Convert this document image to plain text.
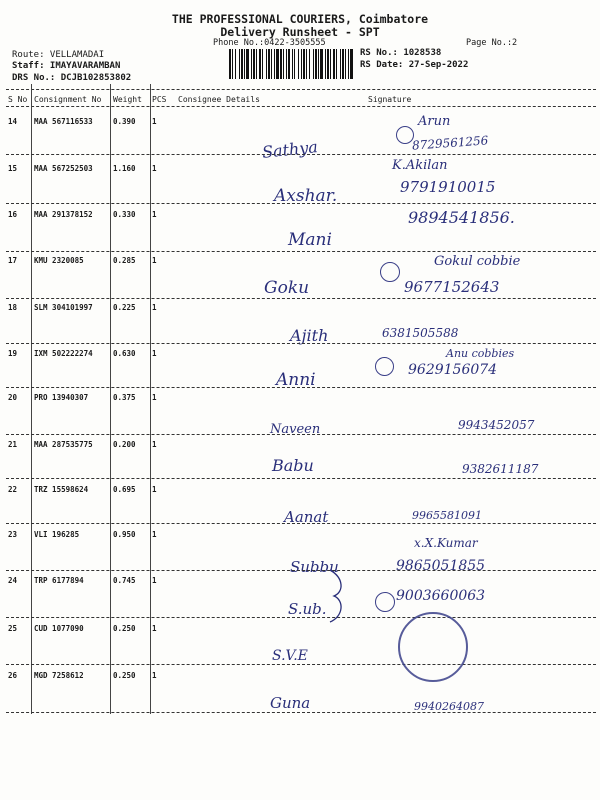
THE PROFESSIONAL COURIERS, Coimbatore
Delivery Runsheet - SPT
Phone No.:0422-3505555	Page No.:2
Route: VELLAMADAI
Staff: IMAYAVARAMBAN
DRS No.: DCJB102853802
RS No.: 1028538
RS Date: 27-Sep-2022
S No Consignment No Weight PCS Consignee Details	Signature
14 MAA 567116533	0.390 1
Sathya	8729561256
Arun
15 MAA 567252503	1.160 1
Axshar.	9791910015
K.Akilan
16 MAA 291378152	0.330 1
Mani
9894541856.
17 KMU 2320085	0.285 1
Goku	9677152643
Gokul cobbie
18 SLM 304101997	0.225 1
Ajith	6381505588
19 IXM 502222274	0.630 1
Anni	9629156074
Anu cobbies
20 PRO 13940307	0.375 1
Naveen	9943452057
21 MAA 287535775	0.200 1
Babu	9382611187
22 TRZ 15598624	0.695 1
Aanat	9965581091
23 VLI 196285	0.950 1
Subbu	9865051855
x.X.Kumar
24 TRP 6177894	0.745 1
S.ub.
9003660063
25 CUD 1077090	0.250 1
S.V.E
26 MGD 7258612	0.250 1
Guna	9940264087
